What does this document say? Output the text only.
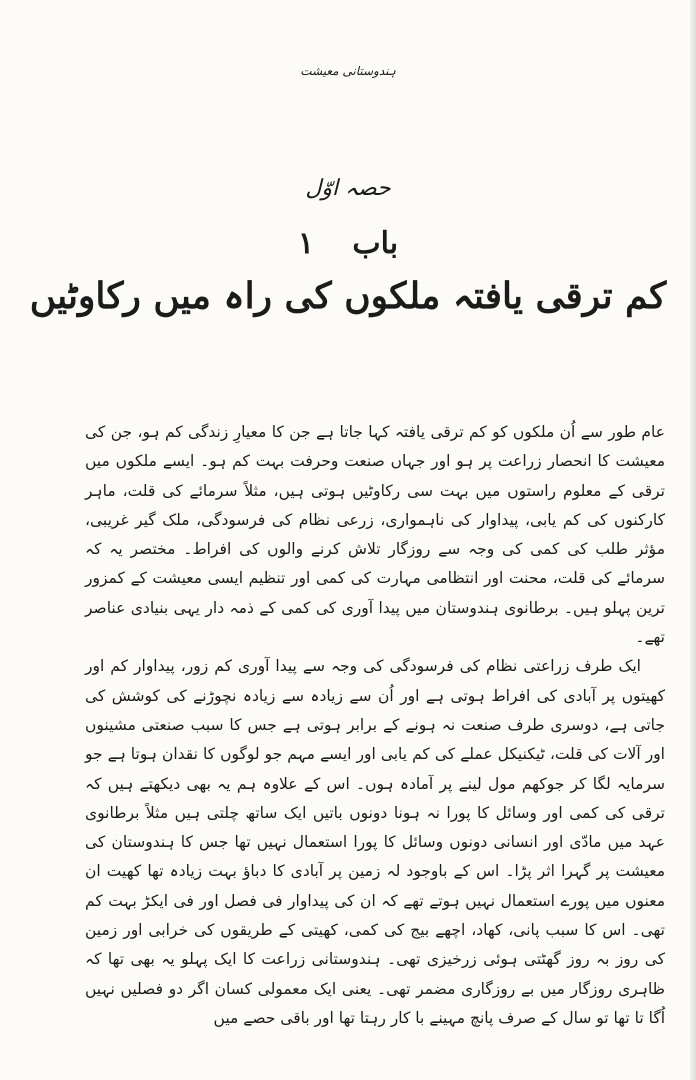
ہندوستانی معیشت
حصہ اوّل
باب ۱
کم ترقی یافتہ ملکوں کی راہ میں رکاوٹیں

عام طور سے اُن ملکوں کو کم ترقی یافتہ کہا جاتا ہے جن کا معیارِ زندگی کم ہو، جن کی معیشت کا انحصار زراعت پر ہو اور جہاں صنعت وحرفت بہت کم ہو۔ ایسے ملکوں میں ترقی کے معلوم راستوں میں بہت سی رکاوٹیں ہوتی ہیں، مثلاً سرمائے کی قلت، ماہر کارکنوں کی کم یابی، پیداوار کی ناہمواری، زرعی نظام کی فرسودگی، ملک گیر غریبی، مؤثر طلب کی کمی کی وجہ سے روزگار تلاش کرنے والوں کی افراط۔ مختصر یہ کہ سرمائے کی قلت، محنت اور انتظامی مہارت کی کمی اور تنظیم ایسی معیشت کے کمزور ترین پہلو ہیں۔ برطانوی ہندوستان میں پیدا آوری کی کمی کے ذمہ دار یہی بنیادی عناصر تھے۔

ایک طرف زراعتی نظام کی فرسودگی کی وجہ سے پیدا آوری کم زور، پیداوار کم اور کھیتوں پر آبادی کی افراط ہوتی ہے اور اُن سے زیادہ سے زیادہ نچوڑنے کی کوشش کی جاتی ہے، دوسری طرف صنعت نہ ہونے کے برابر ہوتی ہے جس کا سبب صنعتی مشینوں اور آلات کی قلت، ٹیکنیکل عملے کی کم یابی اور ایسے مہم جو لوگوں کا نقدان ہوتا ہے جو سرمایہ لگا کر جوکھم مول لینے پر آمادہ ہوں۔ اس کے علاوہ ہم یہ بھی دیکھتے ہیں کہ ترقی کی کمی اور وسائل کا پورا نہ ہونا دونوں باتیں ایک ساتھ چلتی ہیں مثلاً برطانوی عہد میں مادّی اور انسانی دونوں وسائل کا پورا استعمال نہیں تھا جس کا ہندوستان کی معیشت پر گہرا اثر پڑا۔ اس کے باوجود لہ زمین پر آبادی کا دباؤ بہت زیادہ تھا کھیت ان معنوں میں پورے استعمال نہیں ہوتے تھے کہ ان کی پیداوار فی فصل اور فی ایکڑ بہت کم تھی۔ اس کا سبب پانی، کھاد، اچھے بیج کی کمی، کھیتی کے طریقوں کی خرابی اور زمین کی روز بہ روز گھٹتی ہوئی زرخیزی تھی۔ ہندوستانی زراعت کا ایک پہلو یہ بھی تھا کہ ظاہری روزگار میں بے روزگاری مضمر تھی۔ یعنی ایک معمولی کسان اگر دو فصلیں نہیں اُگا تا تھا تو سال کے صرف پانچ مہینے با کار رہتا تھا اور باقی حصے میں
